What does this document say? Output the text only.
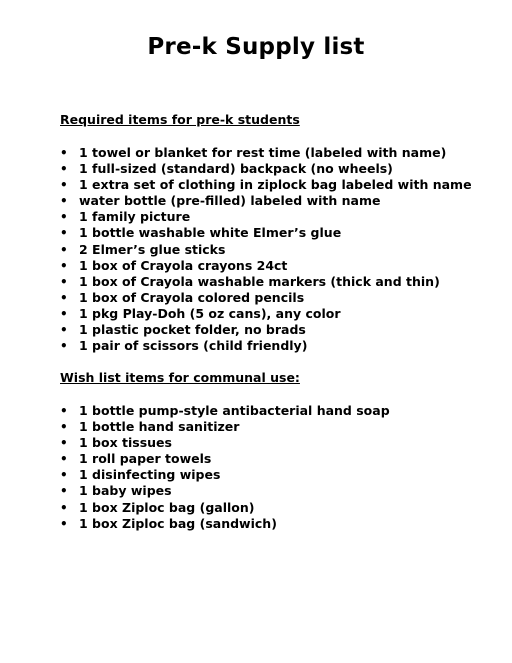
Pre-k Supply list
Required items for pre-k students
• 1 towel or blanket for rest time (labeled with name)
• 1 full-sized (standard) backpack (no wheels)
• 1 extra set of clothing in ziplock bag labeled with name
• water bottle (pre-filled) labeled with name
• 1 family picture
• 1 bottle washable white Elmer’s glue
• 2 Elmer’s glue sticks
• 1 box of Crayola crayons 24ct
• 1 box of Crayola washable markers (thick and thin)
• 1 box of Crayola colored pencils
• 1 pkg Play-Doh (5 oz cans), any color
• 1 plastic pocket folder, no brads
• 1 pair of scissors (child friendly)
Wish list items for communal use:
• 1 bottle pump-style antibacterial hand soap
• 1 bottle hand sanitizer
• 1 box tissues
• 1 roll paper towels
• 1 disinfecting wipes
• 1 baby wipes
• 1 box Ziploc bag (gallon)
• 1 box Ziploc bag (sandwich)
